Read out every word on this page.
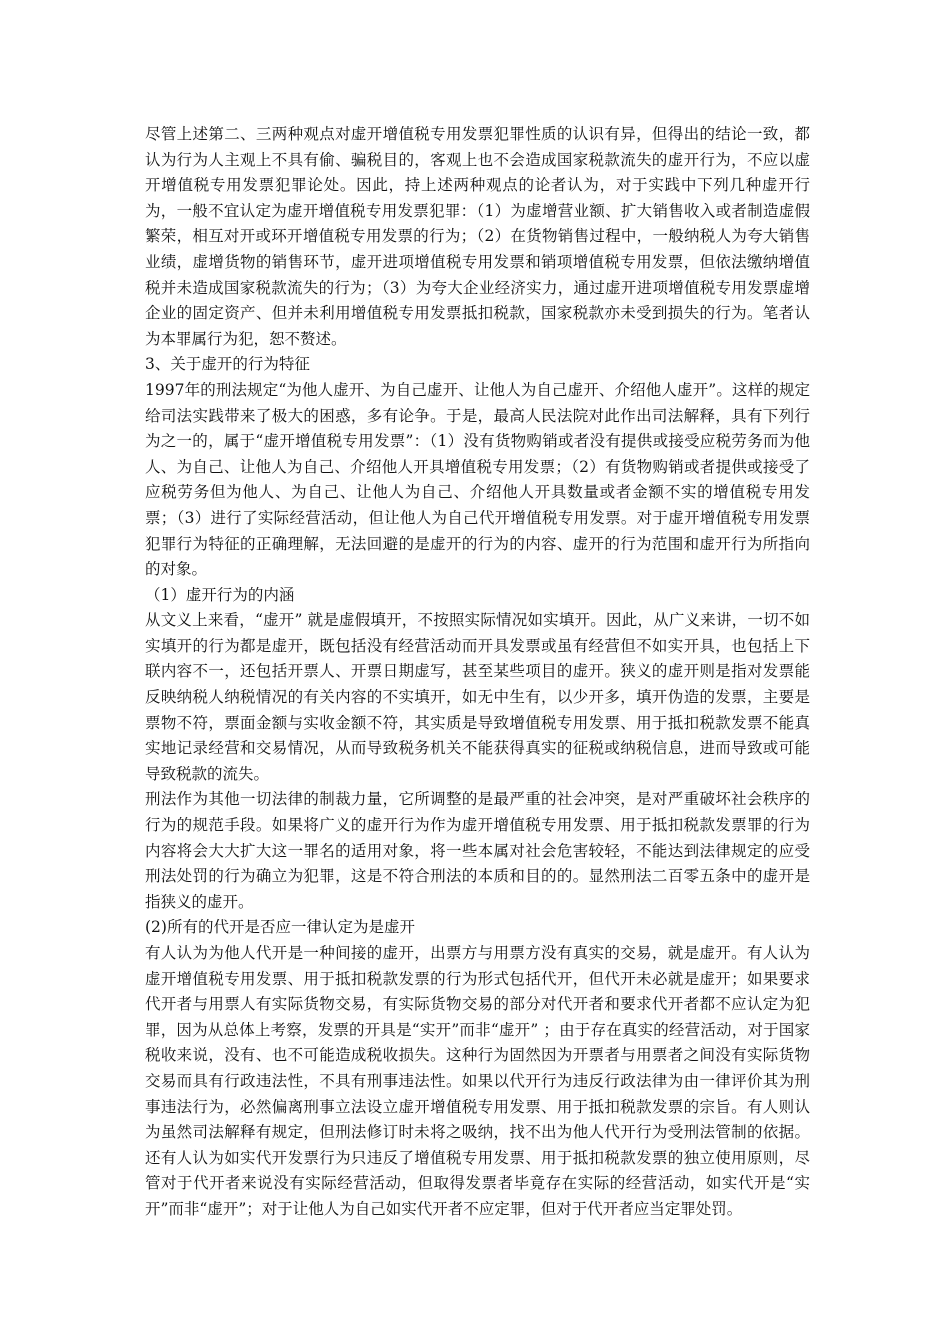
尽管上述第二、三两种观点对虚开增值税专用发票犯罪性质的认识有异，但得出的结论一致，都认为行为人主观上不具有偷、骗税目的，客观上也不会造成国家税款流失的虚开行为，不应以虚开增值税专用发票犯罪论处。因此，持上述两种观点的论者认为，对于实践中下列几种虚开行为，一般不宜认定为虚开增值税专用发票犯罪：（1）为虚增营业额、扩大销售收入或者制造虚假繁荣，相互对开或环开增值税专用发票的行为；（2）在货物销售过程中，一般纳税人为夸大销售业绩，虚增货物的销售环节，虚开进项增值税专用发票和销项增值税专用发票，但依法缴纳增值税并未造成国家税款流失的行为；（3）为夸大企业经济实力，通过虚开进项增值税专用发票虚增企业的固定资产、但并未利用增值税专用发票抵扣税款，国家税款亦未受到损失的行为。笔者认为本罪属行为犯，恕不赘述。

3、关于虚开的行为特征

1997年的刑法规定“为他人虚开、为自己虚开、让他人为自己虚开、介绍他人虚开”。这样的规定给司法实践带来了极大的困惑，多有论争。于是，最高人民法院对此作出司法解释，具有下列行为之一的，属于“虚开增值税专用发票”：（1）没有货物购销或者没有提供或接受应税劳务而为他人、为自己、让他人为自己、介绍他人开具增值税专用发票；（2）有货物购销或者提供或接受了应税劳务但为他人、为自己、让他人为自己、介绍他人开具数量或者金额不实的增值税专用发票；（3）进行了实际经营活动，但让他人为自己代开增值税专用发票。对于虚开增值税专用发票犯罪行为特征的正确理解，无法回避的是虚开的行为的内容、虚开的行为范围和虚开行为所指向的对象。

（1）虚开行为的内涵

从文义上来看，“虚开” 就是虚假填开，不按照实际情况如实填开。因此，从广义来讲，一切不如实填开的行为都是虚开，既包括没有经营活动而开具发票或虽有经营但不如实开具，也包括上下联内容不一，还包括开票人、开票日期虚写，甚至某些项目的虚开。狭义的虚开则是指对发票能反映纳税人纳税情况的有关内容的不实填开，如无中生有，以少开多，填开伪造的发票，主要是票物不符，票面金额与实收金额不符，其实质是导致增值税专用发票、用于抵扣税款发票不能真实地记录经营和交易情况，从而导致税务机关不能获得真实的征税或纳税信息，进而导致或可能导致税款的流失。

刑法作为其他一切法律的制裁力量，它所调整的是最严重的社会冲突，是对严重破坏社会秩序的行为的规范手段。如果将广义的虚开行为作为虚开增值税专用发票、用于抵扣税款发票罪的行为内容将会大大扩大这一罪名的适用对象，将一些本属对社会危害较轻，不能达到法律规定的应受刑法处罚的行为确立为犯罪，这是不符合刑法的本质和目的的。显然刑法二百零五条中的虚开是指狭义的虚开。

(2)所有的代开是否应一律认定为是虚开

有人认为为他人代开是一种间接的虚开，出票方与用票方没有真实的交易，就是虚开。有人认为虚开增值税专用发票、用于抵扣税款发票的行为形式包括代开，但代开未必就是虚开；如果要求代开者与用票人有实际货物交易，有实际货物交易的部分对代开者和要求代开者都不应认定为犯罪，因为从总体上考察，发票的开具是“实开”而非“虚开” ；由于存在真实的经营活动，对于国家税收来说，没有、也不可能造成税收损失。这种行为固然因为开票者与用票者之间没有实际货物交易而具有行政违法性，不具有刑事违法性。如果以代开行为违反行政法律为由一律评价其为刑事违法行为，必然偏离刑事立法设立虚开增值税专用发票、用于抵扣税款发票的宗旨。有人则认为虽然司法解释有规定，但刑法修订时未将之吸纳，找不出为他人代开行为受刑法管制的依据。还有人认为如实代开发票行为只违反了增值税专用发票、用于抵扣税款发票的独立使用原则，尽管对于代开者来说没有实际经营活动，但取得发票者毕竟存在实际的经营活动，如实代开是“实开”而非“虚开”；对于让他人为自己如实代开者不应定罪，但对于代开者应当定罪处罚。
